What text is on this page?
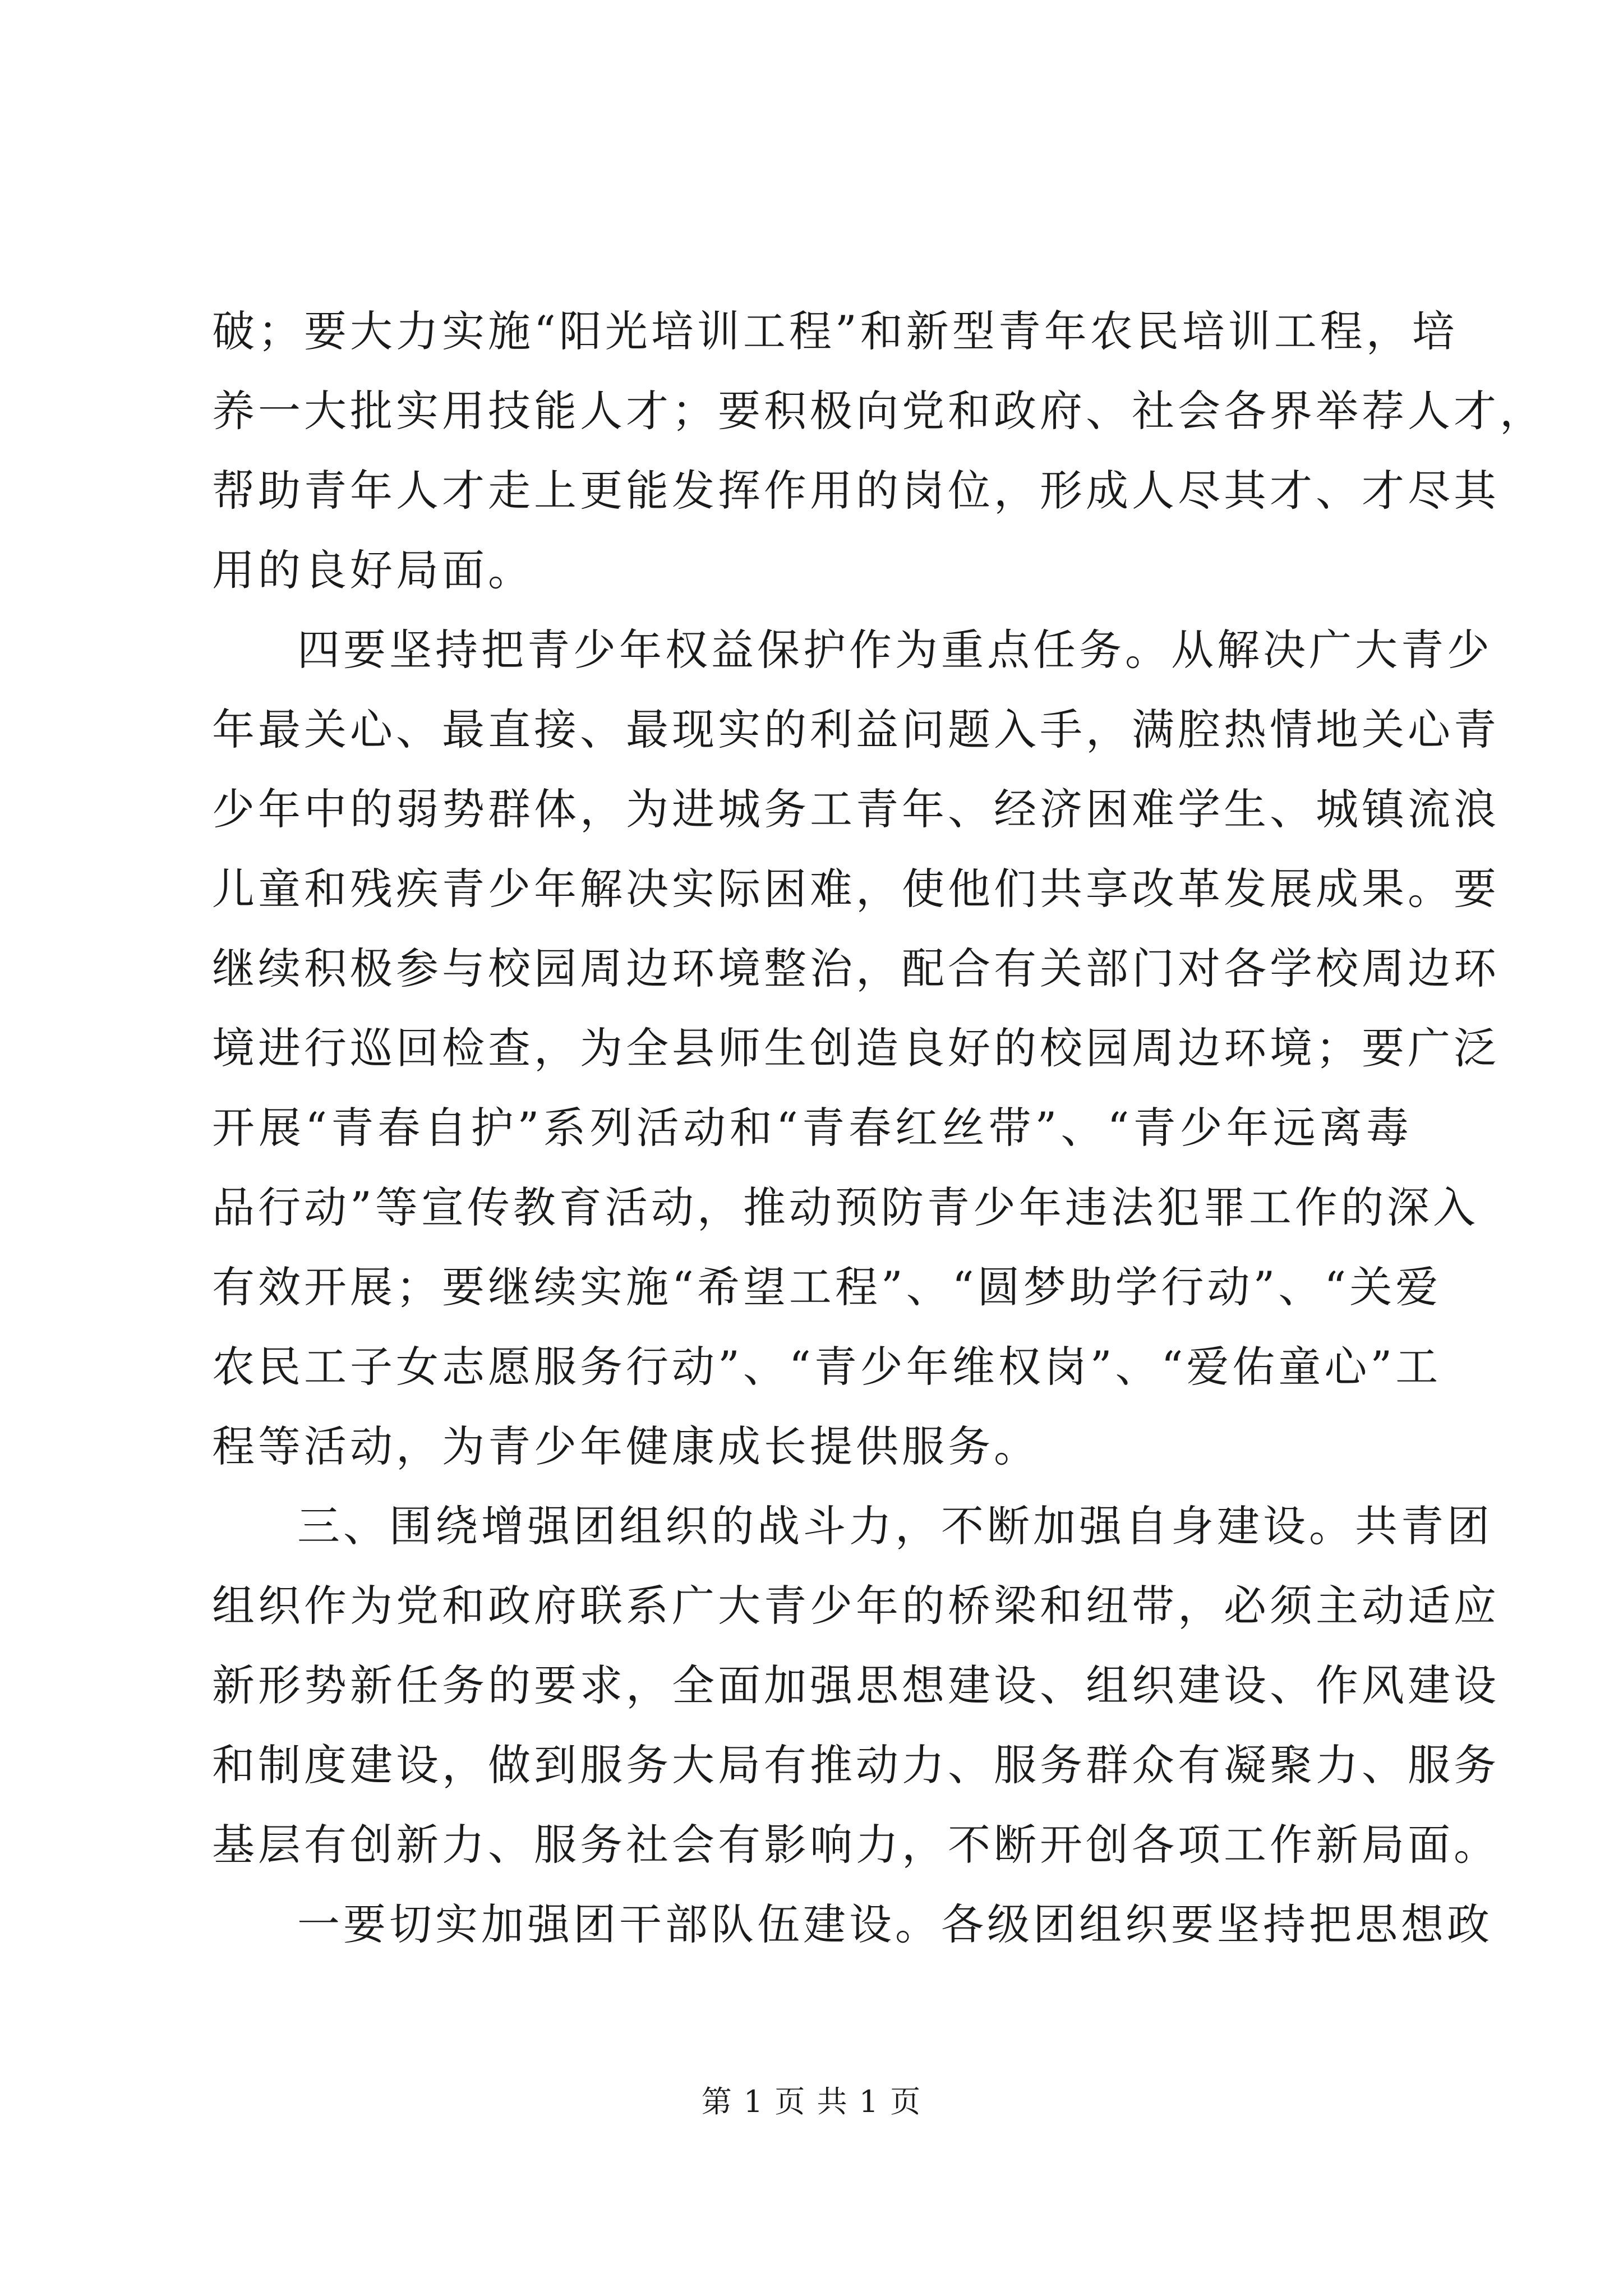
破；要大力实施“阳光培训工程”和新型青年农民培训工程，培
养一大批实用技能人才；要积极向党和政府、社会各界举荐人才，
帮助青年人才走上更能发挥作用的岗位，形成人尽其才、才尽其
用的良好局面。
四要坚持把青少年权益保护作为重点任务。从解决广大青少
年最关心、最直接、最现实的利益问题入手，满腔热情地关心青
少年中的弱势群体，为进城务工青年、经济困难学生、城镇流浪
儿童和残疾青少年解决实际困难，使他们共享改革发展成果。要
继续积极参与校园周边环境整治，配合有关部门对各学校周边环
境进行巡回检查，为全县师生创造良好的校园周边环境；要广泛
开展“青春自护”系列活动和“青春红丝带”、“青少年远离毒
品行动”等宣传教育活动，推动预防青少年违法犯罪工作的深入
有效开展；要继续实施“希望工程”、“圆梦助学行动”、“关爱
农民工子女志愿服务行动”、“青少年维权岗”、“爱佑童心”工
程等活动，为青少年健康成长提供服务。
三、围绕增强团组织的战斗力，不断加强自身建设。共青团
组织作为党和政府联系广大青少年的桥梁和纽带，必须主动适应
新形势新任务的要求，全面加强思想建设、组织建设、作风建设
和制度建设，做到服务大局有推动力、服务群众有凝聚力、服务
基层有创新力、服务社会有影响力，不断开创各项工作新局面。
一要切实加强团干部队伍建设。各级团组织要坚持把思想政
第 1 页 共 1 页
